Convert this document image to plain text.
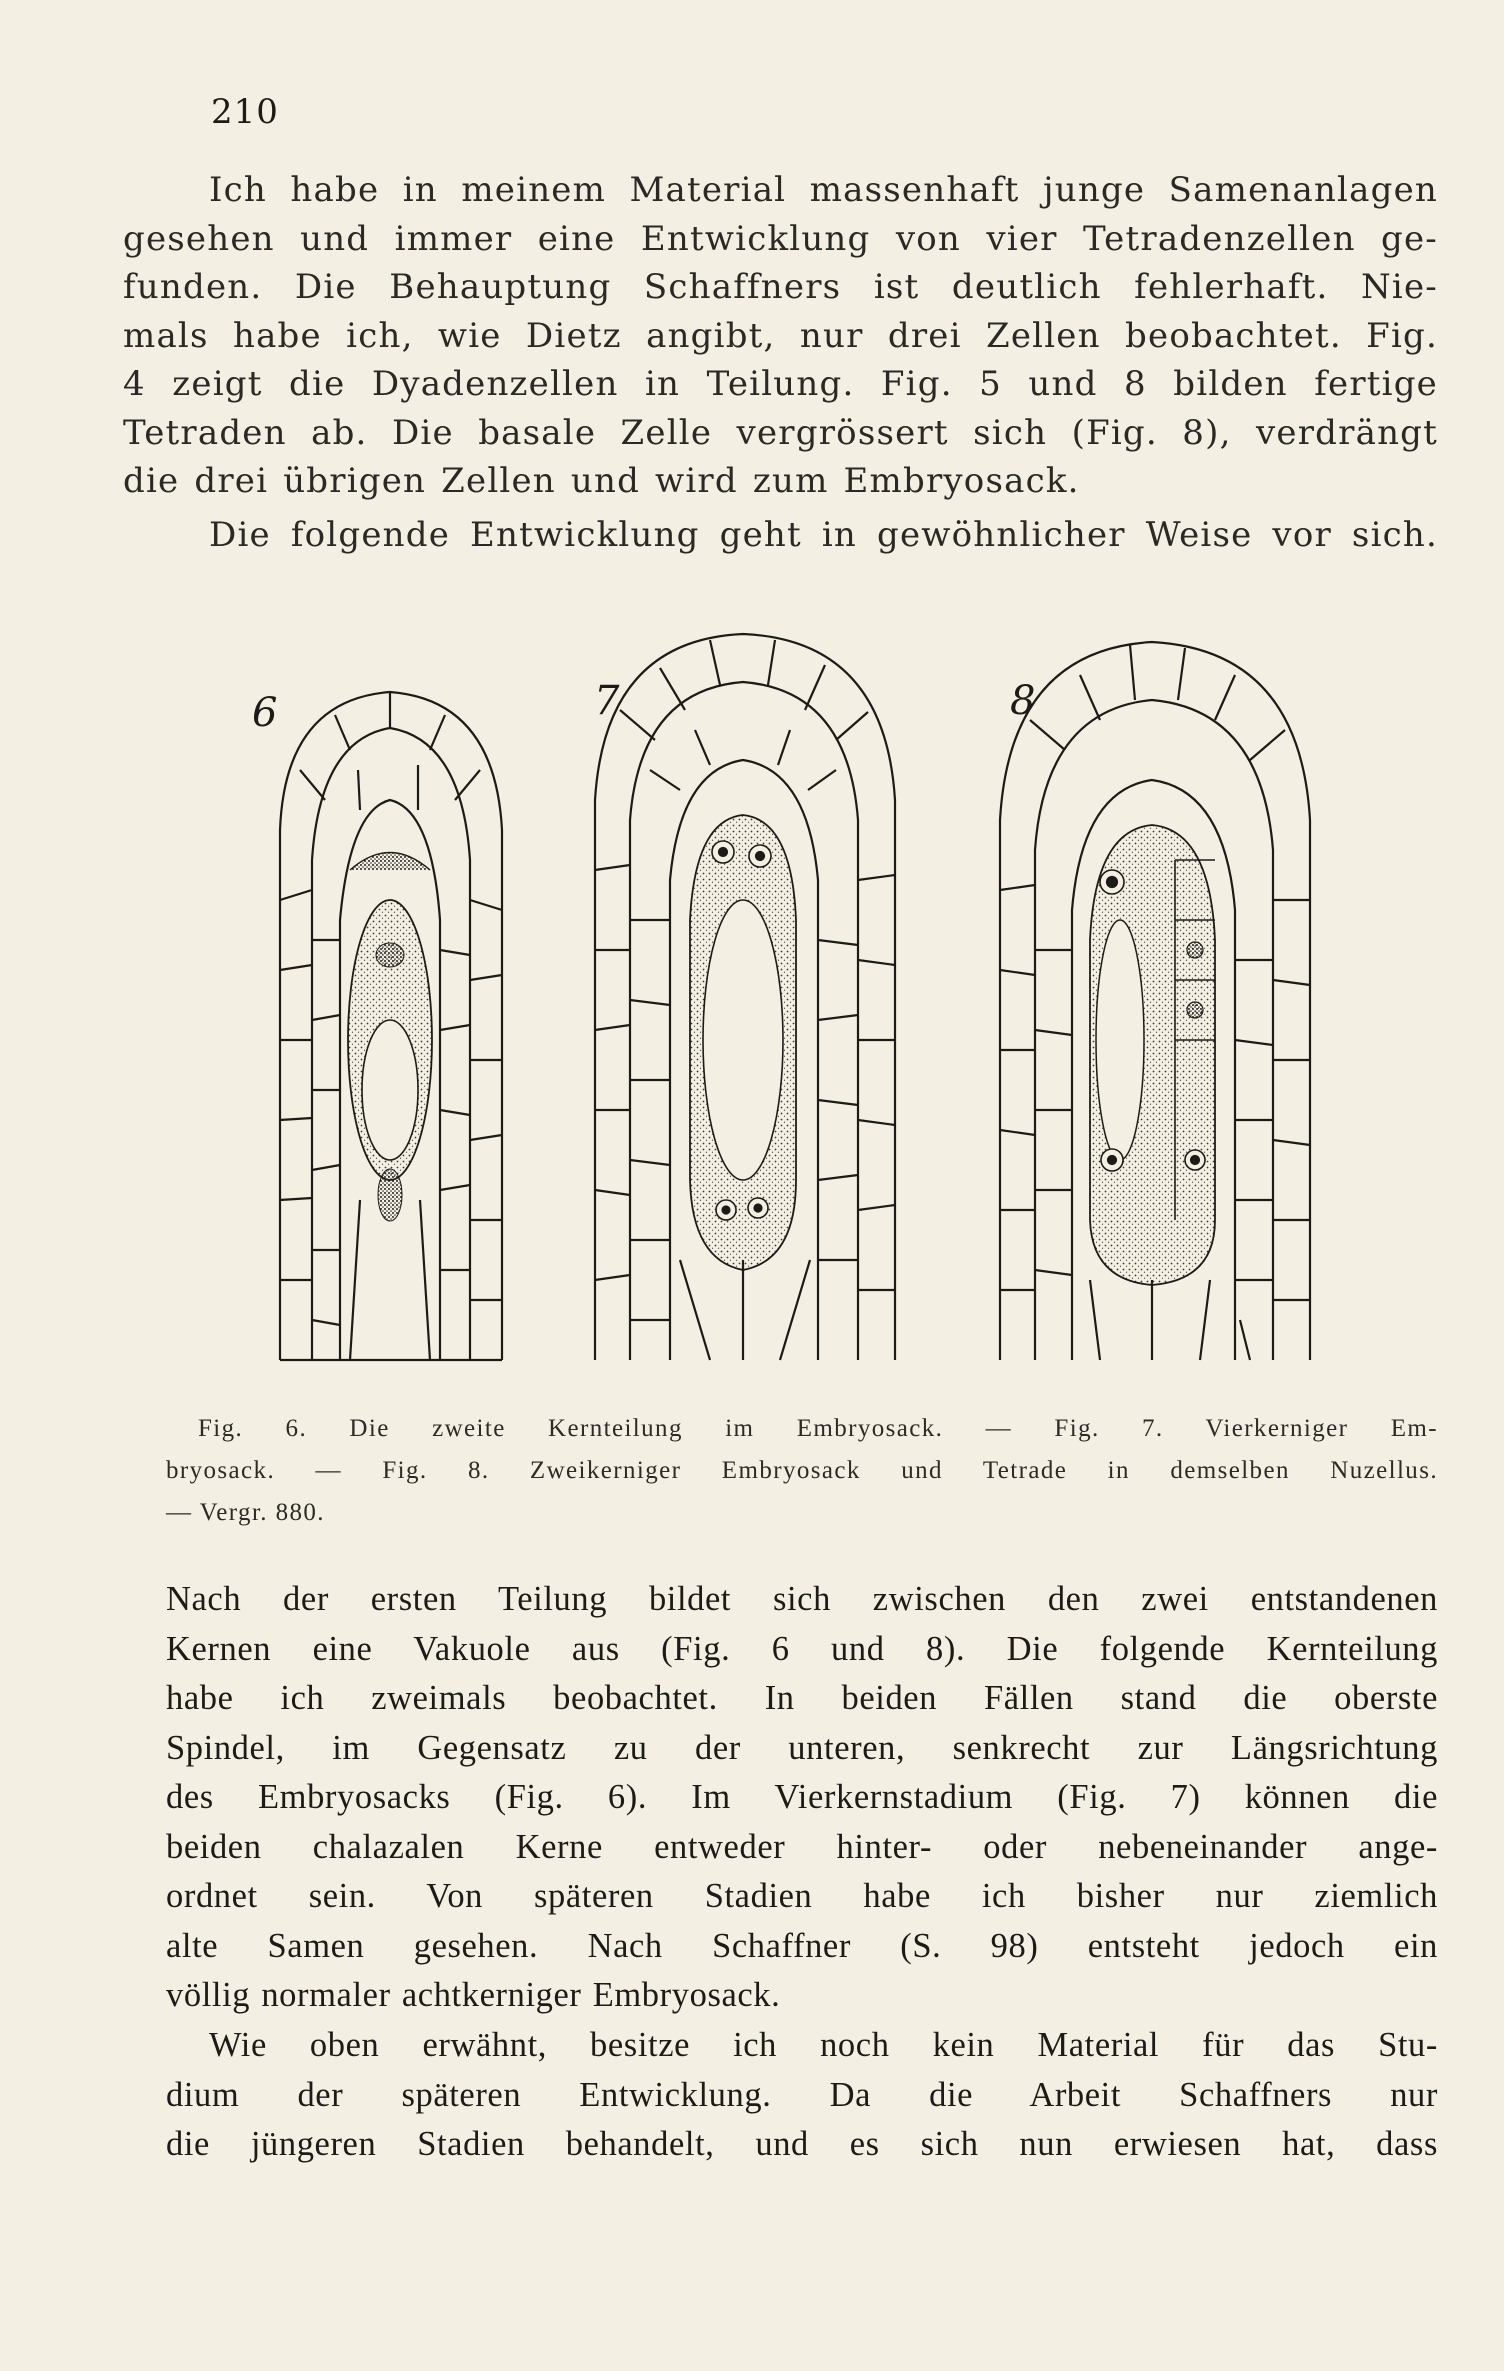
210
Ich habe in meinem Material massenhaft junge Samenanlagen
gesehen und immer eine Entwicklung von vier Tetradenzellen ge-
funden. Die Behauptung Schaffners ist deutlich fehlerhaft. Nie-
mals habe ich, wie Dietz angibt, nur drei Zellen beobachtet. Fig.
4 zeigt die Dyadenzellen in Teilung. Fig. 5 und 8 bilden fertige
Tetraden ab. Die basale Zelle vergrössert sich (Fig. 8), verdrängt
die drei übrigen Zellen und wird zum Embryosack.

Die folgende Entwicklung geht in gewöhnlicher Weise vor sich.

6	7	8
Fig. 6. Die zweite Kernteilung im Embryosack. — Fig. 7. Vierkerniger Em-
bryosack. — Fig. 8. Zweikerniger Embryosack und Tetrade in demselben Nuzellus.
— Vergr. 880.
Nach der ersten Teilung bildet sich zwischen den zwei entstandenen
Kernen eine Vakuole aus (Fig. 6 und 8). Die folgende Kernteilung
habe ich zweimals beobachtet. In beiden Fällen stand die oberste
Spindel, im Gegensatz zu der unteren, senkrecht zur Längsrichtung
des Embryosacks (Fig. 6). Im Vierkernstadium (Fig. 7) können die
beiden chalazalen Kerne entweder hinter- oder nebeneinander ange-
ordnet sein. Von späteren Stadien habe ich bisher nur ziemlich
alte Samen gesehen. Nach Schaffner (S. 98) entsteht jedoch ein
völlig normaler achtkerniger Embryosack.
Wie oben erwähnt, besitze ich noch kein Material für das Stu-
dium der späteren Entwicklung. Da die Arbeit Schaffners nur
die jüngeren Stadien behandelt, und es sich nun erwiesen hat, dass
